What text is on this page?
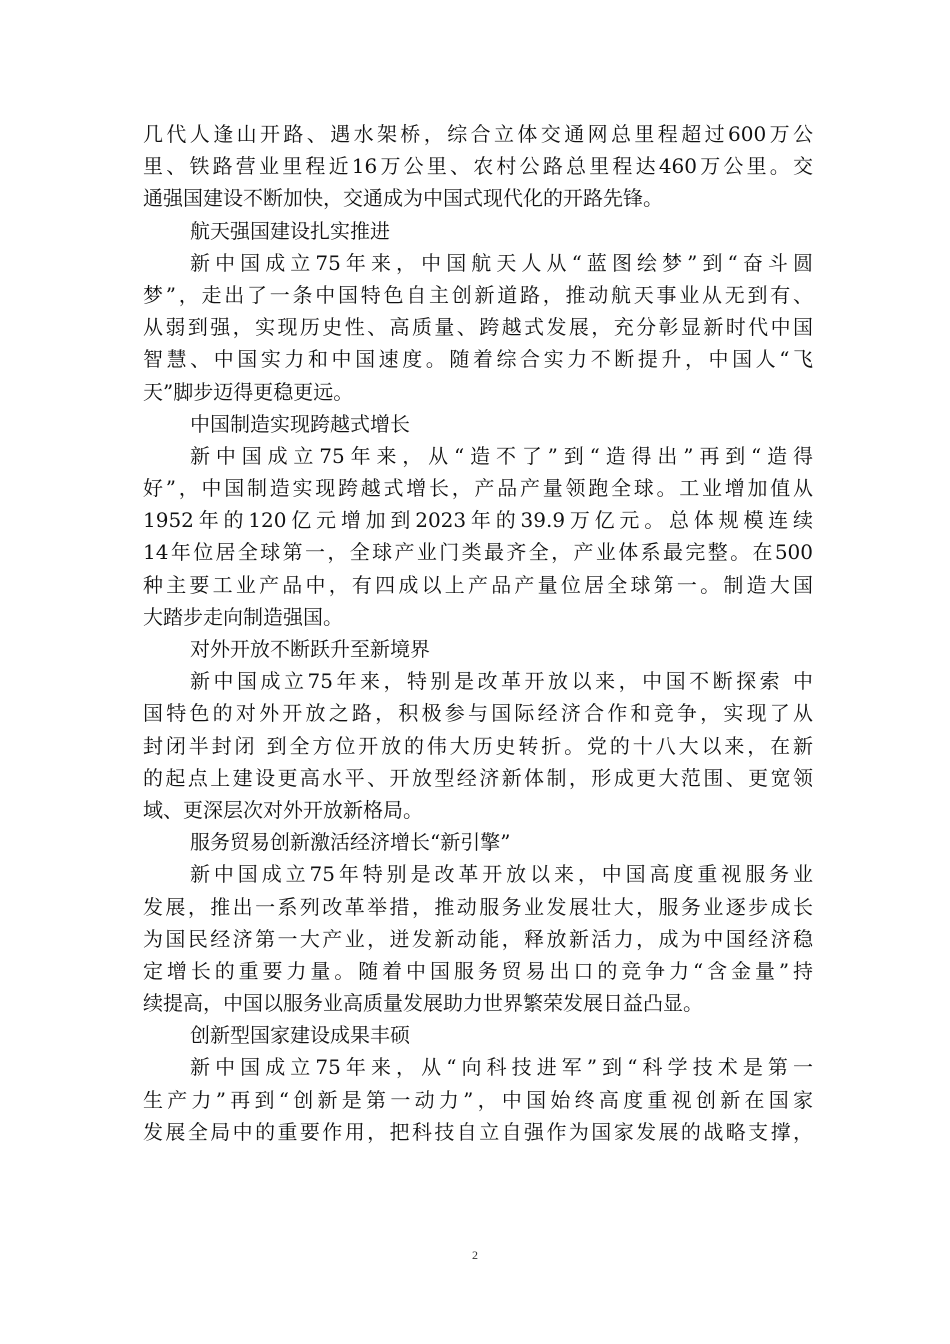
几代人逢山开路、遇水架桥，综合立体交通网总里程超过600万公
里、铁路营业里程近16万公里、农村公路总里程达460万公里。交
通强国建设不断加快，交通成为中国式现代化的开路先锋。
航天强国建设扎实推进
新中国成立75年来，中国航天人从“蓝图绘梦”到“奋斗圆
梦”，走出了一条中国特色自主创新道路，推动航天事业从无到有、
从弱到强，实现历史性、高质量、跨越式发展，充分彰显新时代中国
智慧、中国实力和中国速度。随着综合实力不断提升，中国人“飞
天”脚步迈得更稳更远。
中国制造实现跨越式增长
新中国成立75年来，从“造不了”到“造得出”再到“造得
好”，中国制造实现跨越式增长，产品产量领跑全球。工业增加值从
1952年的120亿元增加到2023年的39.9万亿元。总体规模连续
14年位居全球第一，全球产业门类最齐全，产业体系最完整。在500
种主要工业产品中，有四成以上产品产量位居全球第一。制造大国
大踏步走向制造强国。
对外开放不断跃升至新境界
新中国成立75年来，特别是改革开放以来，中国不断探索 中
国特色的对外开放之路，积极参与国际经济合作和竞争，实现了从
封闭半封闭 到全方位开放的伟大历史转折。党的十八大以来，在新
的起点上建设更高水平、开放型经济新体制，形成更大范围、更宽领
域、更深层次对外开放新格局。
服务贸易创新激活经济增长“新引擎”
新中国成立75年特别是改革开放以来，中国高度重视服务业
发展，推出一系列改革举措，推动服务业发展壮大，服务业逐步成长
为国民经济第一大产业，迸发新动能，释放新活力，成为中国经济稳
定增长的重要力量。随着中国服务贸易出口的竞争力“含金量”持
续提高，中国以服务业高质量发展助力世界繁荣发展日益凸显。
创新型国家建设成果丰硕
新中国成立75年来，从“向科技进军”到“科学技术是第一
生产力”再到“创新是第一动力”，中国始终高度重视创新在国家
发展全局中的重要作用，把科技自立自强作为国家发展的战略支撑，
2
